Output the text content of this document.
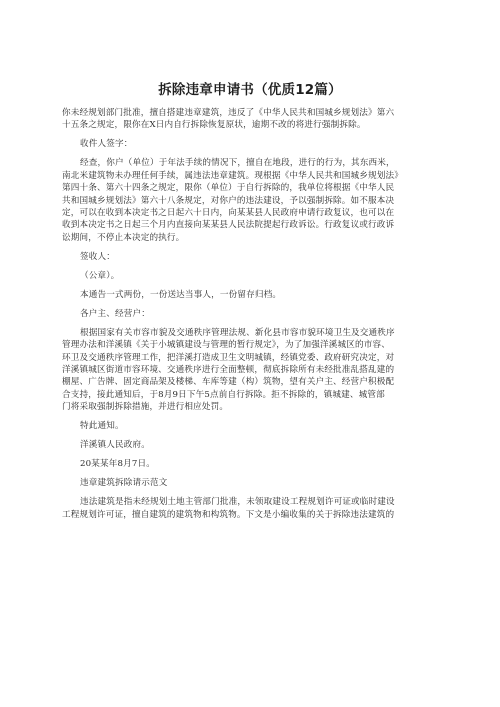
拆除违章申请书（优质12篇）
你未经规划部门批准，擅自搭建违章建筑，违反了《中华人民共和国城乡规划法》第六
十五条之规定，限你在X日内自行拆除恢复原状，逾期不改的将进行强制拆除。
收件人签字：
经查，你户（单位）于年法手续的情况下，擅自在地段，进行的行为，其东西米，
南北米建筑物未办理任何手续，属违法违章建筑。现根据《中华人民共和国城乡规划法》
第四十条、第六十四条之规定，限你（单位）于自行拆除的，我单位将根据《中华人民
共和国城乡规划法》第六十八条规定，对你户的违法建设，予以强制拆除。如不服本决
定，可以在收到本决定书之日起六十日内，向某某县人民政府申请行政复议，也可以在
收到本决定书之日起三个月内直接向某某县人民法院提起行政诉讼。行政复议或行政诉
讼期间，不停止本决定的执行。
签收人：
（公章）。
本通告一式两份，一份送达当事人，一份留存归档。
各户主、经营户：
根据国家有关市容市貌及交通秩序管理法规、新化县市容市貌环境卫生及交通秩序
管理办法和洋溪镇《关于小城镇建设与管理的暂行规定》，为了加强洋溪城区的市容、
环卫及交通秩序管理工作，把洋溪打造成卫生文明城镇，经镇党委、政府研究决定，对
洋溪镇城区街道市容环境、交通秩序进行全面整顿，彻底拆除所有未经批准乱搭乱建的
棚屋、广告牌、固定商品架及楼梯、车库等建（构）筑物，望有关户主、经营户积极配
合支持，接此通知后，于8月9日下午5点前自行拆除。拒不拆除的，镇城建、城管部
门将采取强制拆除措施，并进行相应处罚。
特此通知。
洋溪镇人民政府。
20某某年8月7日。
违章建筑拆除请示范文
违法建筑是指未经规划土地主管部门批准，未领取建设工程规划许可证或临时建设
工程规划许可证，擅自建筑的建筑物和构筑物。下文是小编收集的关于拆除违法建筑的
